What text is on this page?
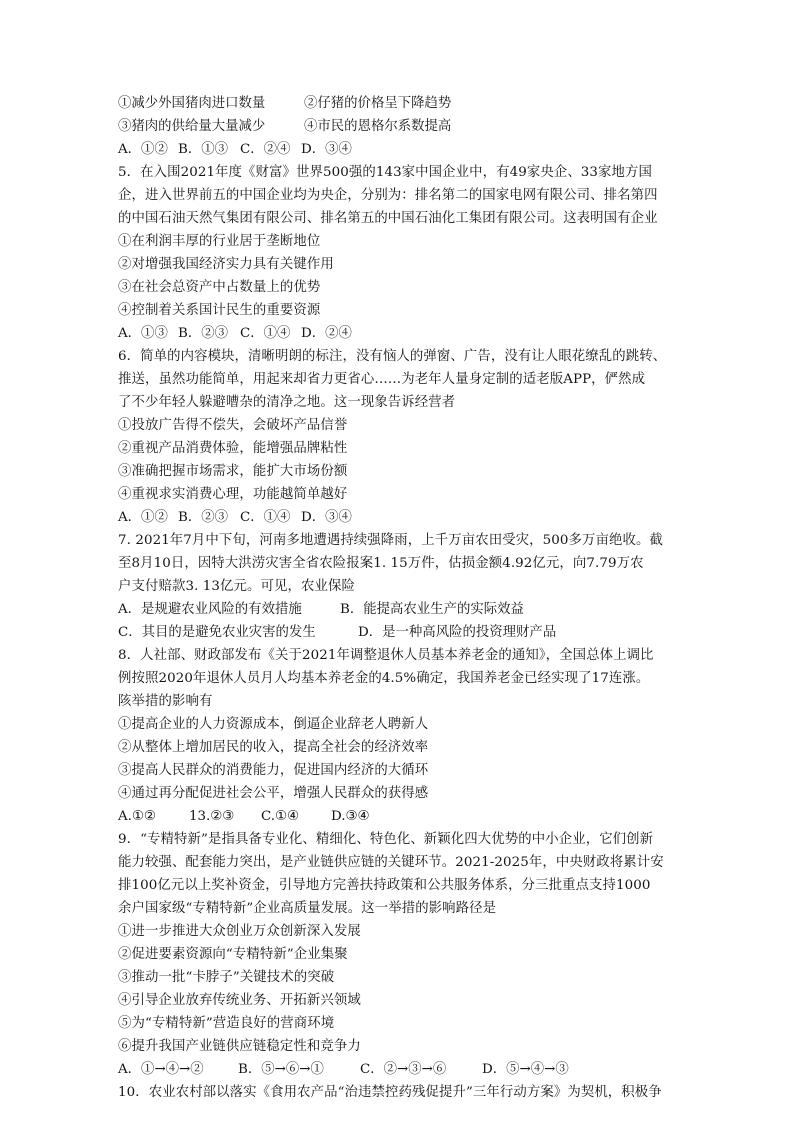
①减少外国猪肉进口数量	②仔猪的价格呈下降趋势
③猪肉的供给量大量减少	④市民的恩格尔系数提高
A．①② B．①③ C．②④ D．③④
5．在入围2021年度《财富》世界500强的143家中国企业中，有49家央企、33家地方国
企，进入世界前五的中国企业均为央企，分别为：排名第二的国家电网有限公司、排名第四
的中国石油天然气集团有限公司、排名第五的中国石油化工集团有限公司。这表明国有企业
①在利润丰厚的行业居于垄断地位
②对增强我国经济实力具有关键作用
③在社会总资产中占数量上的优势
④控制着关系国计民生的重要资源
A．①③ B．②③ C．①④ D．②④
6．简单的内容模块，清晰明朗的标注，没有恼人的弹窗、广告，没有让人眼花缭乱的跳转、
推送，虽然功能简单，用起来却省力更省心……为老年人量身定制的适老版APP，俨然成
了不少年轻人躲避嘈杂的清净之地。这一现象告诉经营者
①投放广告得不偿失，会破坏产品信誉
②重视产品消费体验，能增强品牌粘性
③准确把握市场需求，能扩大市场份额
④重视求实消费心理，功能越简单越好
A．①② B．②③ C．①④ D．③④
7. 2021年7月中下旬，河南多地遭遇持续强降雨，上千万亩农田受灾，500多万亩绝收。截
至8月10日，因特大洪涝灾害全省农险报案1. 15万件，估损金额4.92亿元，向7.79万农
户支付赔款3. 13亿元。可见，农业保险
A．是规避农业风险的有效措施	B．能提高农业生产的实际效益
C．其目的是避免农业灾害的发生	D．是一种高风险的投资理财产品
8．人社部、财政部发布《关于2021年调整退休人员基本养老金的通知》，全国总体上调比
例按照2020年退休人员月人均基本养老金的4.5%确定，我国养老金已经实现了17连涨。
陔举措的影响有
①提高企业的人力资源成本，倒逼企业辞老人聘新人
②从整体上增加居民的收入，提高全社会的经济效率
③提高人民群众的消费能力，促进国内经济的大循环
④通过再分配促进社会公平，增强人民群众的获得感
A.①②	13.②③	C.①④	D.③④
9．“专精特新”是指具备专业化、精细化、特色化、新颖化四大优势的中小企业，它们创新
能力较强、配套能力突出，是产业链供应链的关键环节。2021-2025年，中央财政将累计安
排100亿元以上奖补资金，引导地方完善扶持政策和公共服务体系，分三批重点支持1000
余户国家级“专精特新”企业高质量发展。这一举措的影响路径是
①进一步推进大众创业万众创新深入发展
②促进要素资源向“专精特新”企业集聚
③推动一批“卡脖子”关键技术的突破
④引导企业放弃传统业务、开拓新兴领域
⑤为“专精特新”营造良好的营商环境
⑥提升我国产业链供应链稳定性和竞争力
A．①→④→②	B．⑤→⑥→①	C．②→③→⑥	D．⑤→④→③
10．农业农村部以落实《食用农产品“治违禁控药残促提升”三年行动方案》为契机，积极争
